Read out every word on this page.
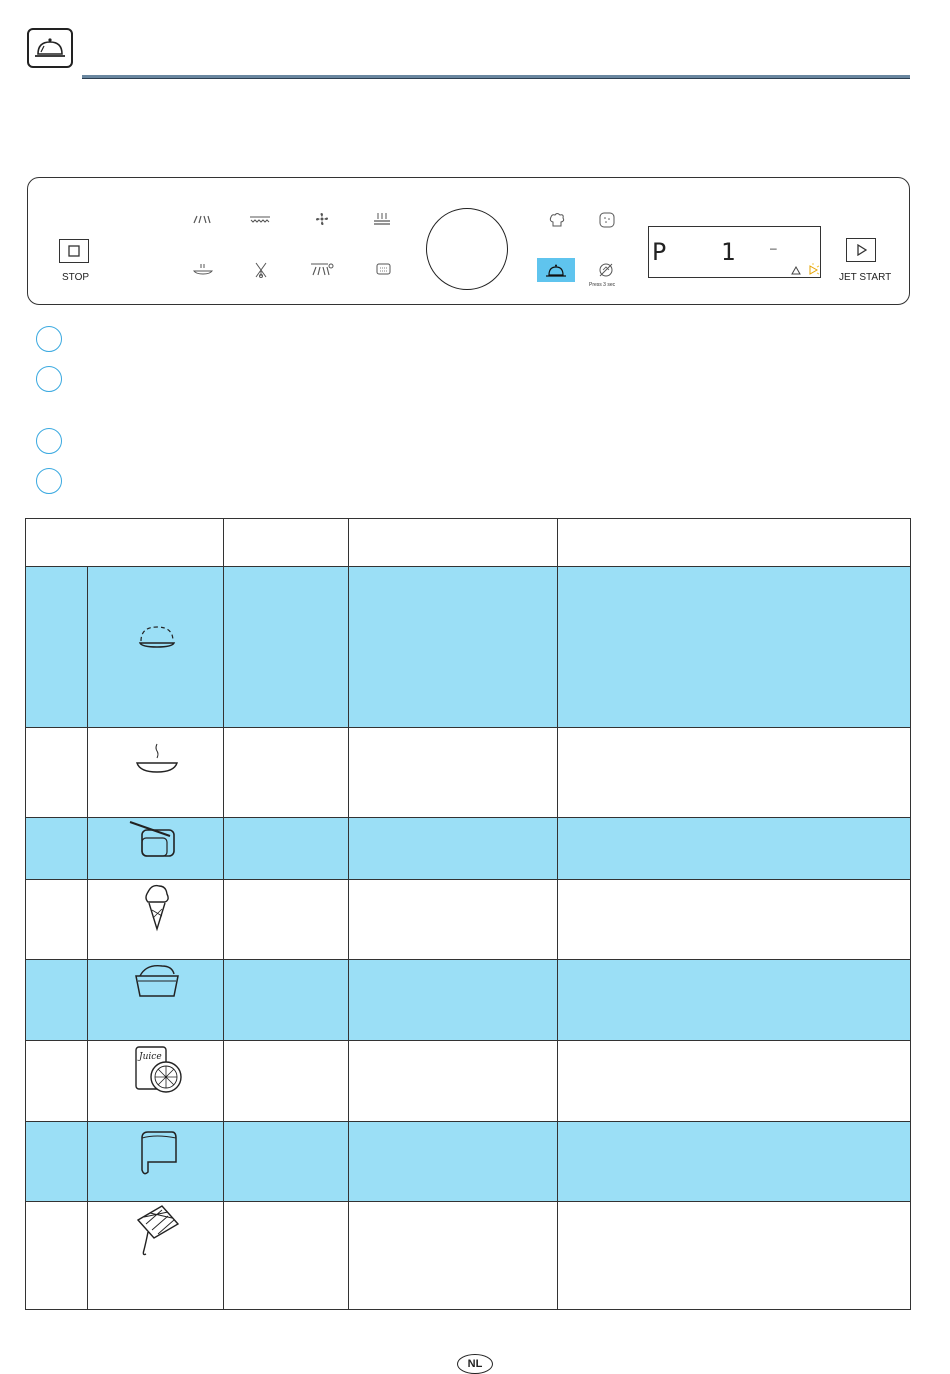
STOP
Press 3 sec
P 1 –
JET START
Juice
NL
